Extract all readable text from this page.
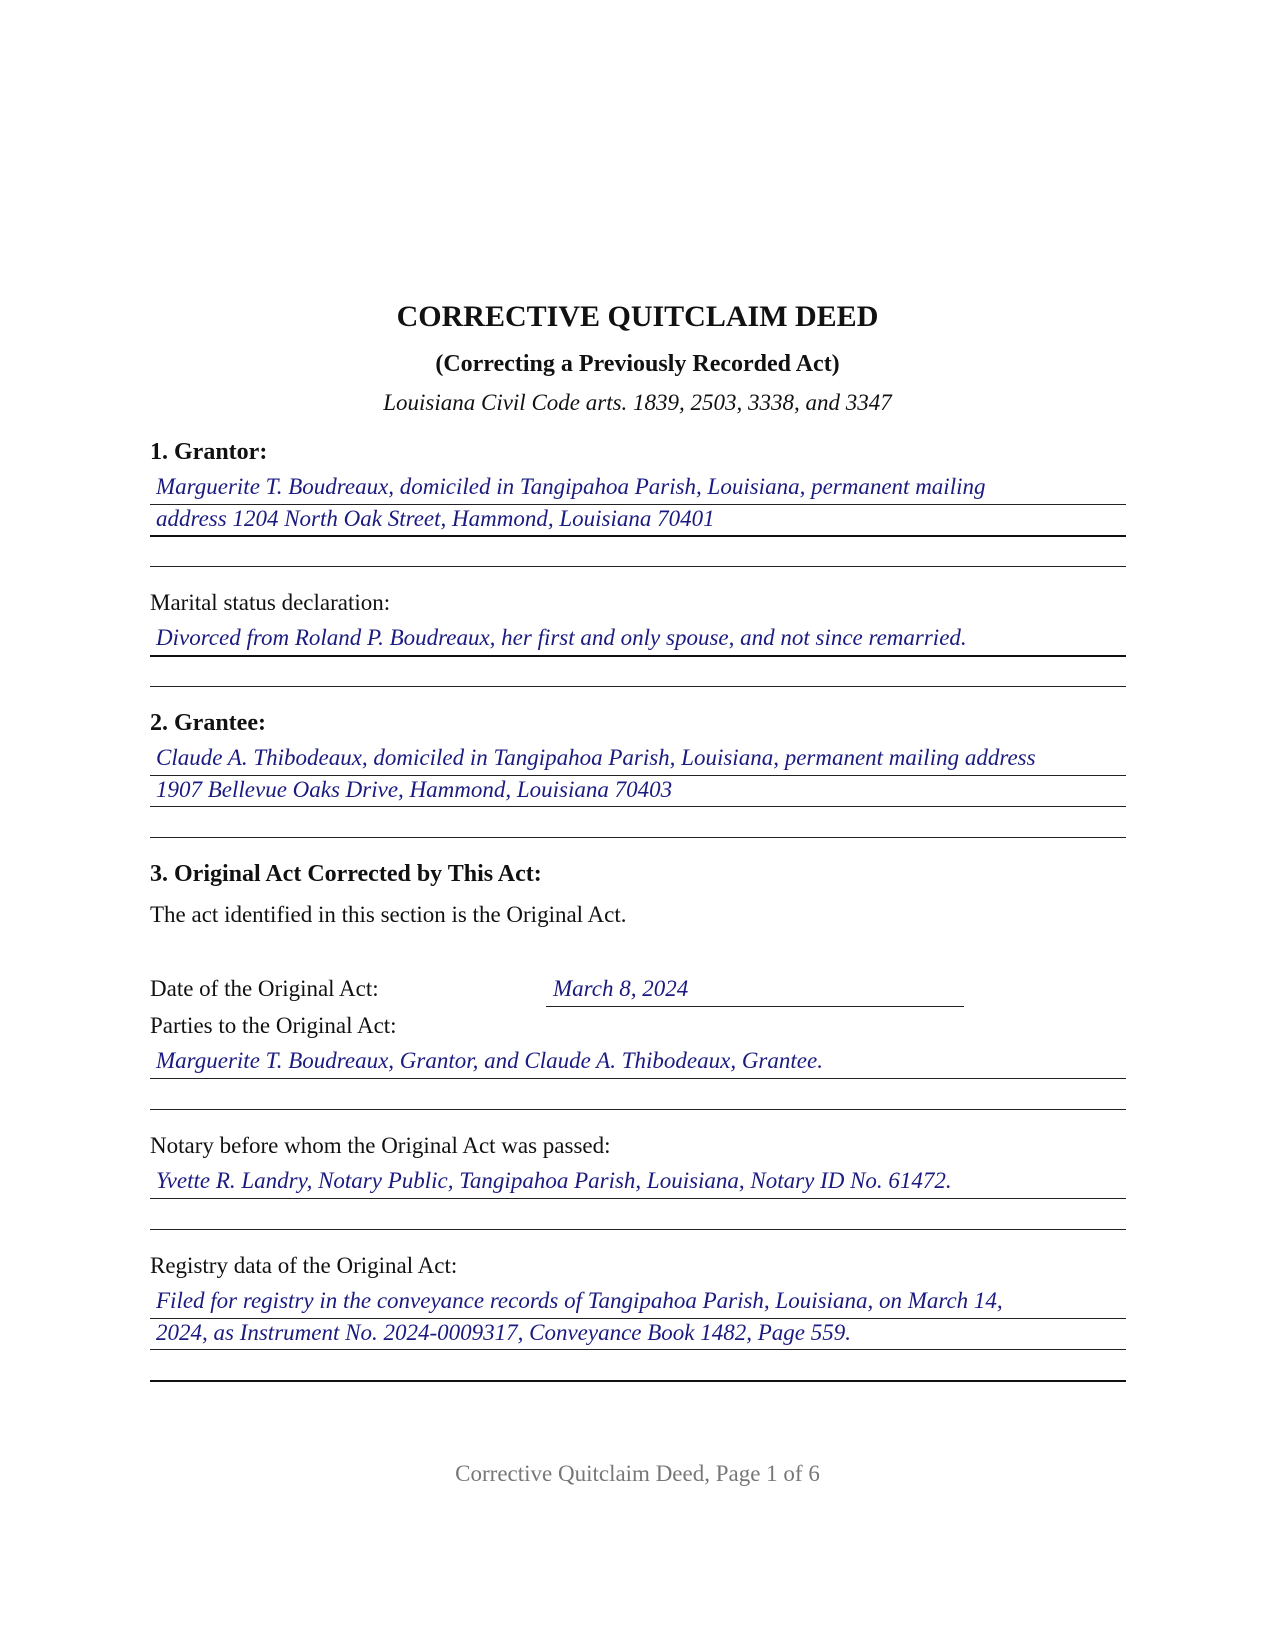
CORRECTIVE QUITCLAIM DEED
(Correcting a Previously Recorded Act)
Louisiana Civil Code arts. 1839, 2503, 3338, and 3347
1. Grantor:
Marguerite T. Boudreaux, domiciled in Tangipahoa Parish, Louisiana, permanent mailing
address 1204 North Oak Street, Hammond, Louisiana 70401
Marital status declaration:
Divorced from Roland P. Boudreaux, her first and only spouse, and not since remarried.
2. Grantee:
Claude A. Thibodeaux, domiciled in Tangipahoa Parish, Louisiana, permanent mailing address
1907 Bellevue Oaks Drive, Hammond, Louisiana 70403
3. Original Act Corrected by This Act:
The act identified in this section is the Original Act.
Date of the Original Act:	March 8, 2024
Parties to the Original Act:
Marguerite T. Boudreaux, Grantor, and Claude A. Thibodeaux, Grantee.
Notary before whom the Original Act was passed:
Yvette R. Landry, Notary Public, Tangipahoa Parish, Louisiana, Notary ID No. 61472.
Registry data of the Original Act:
Filed for registry in the conveyance records of Tangipahoa Parish, Louisiana, on March 14,
2024, as Instrument No. 2024-0009317, Conveyance Book 1482, Page 559.
Corrective Quitclaim Deed, Page 1 of 6
